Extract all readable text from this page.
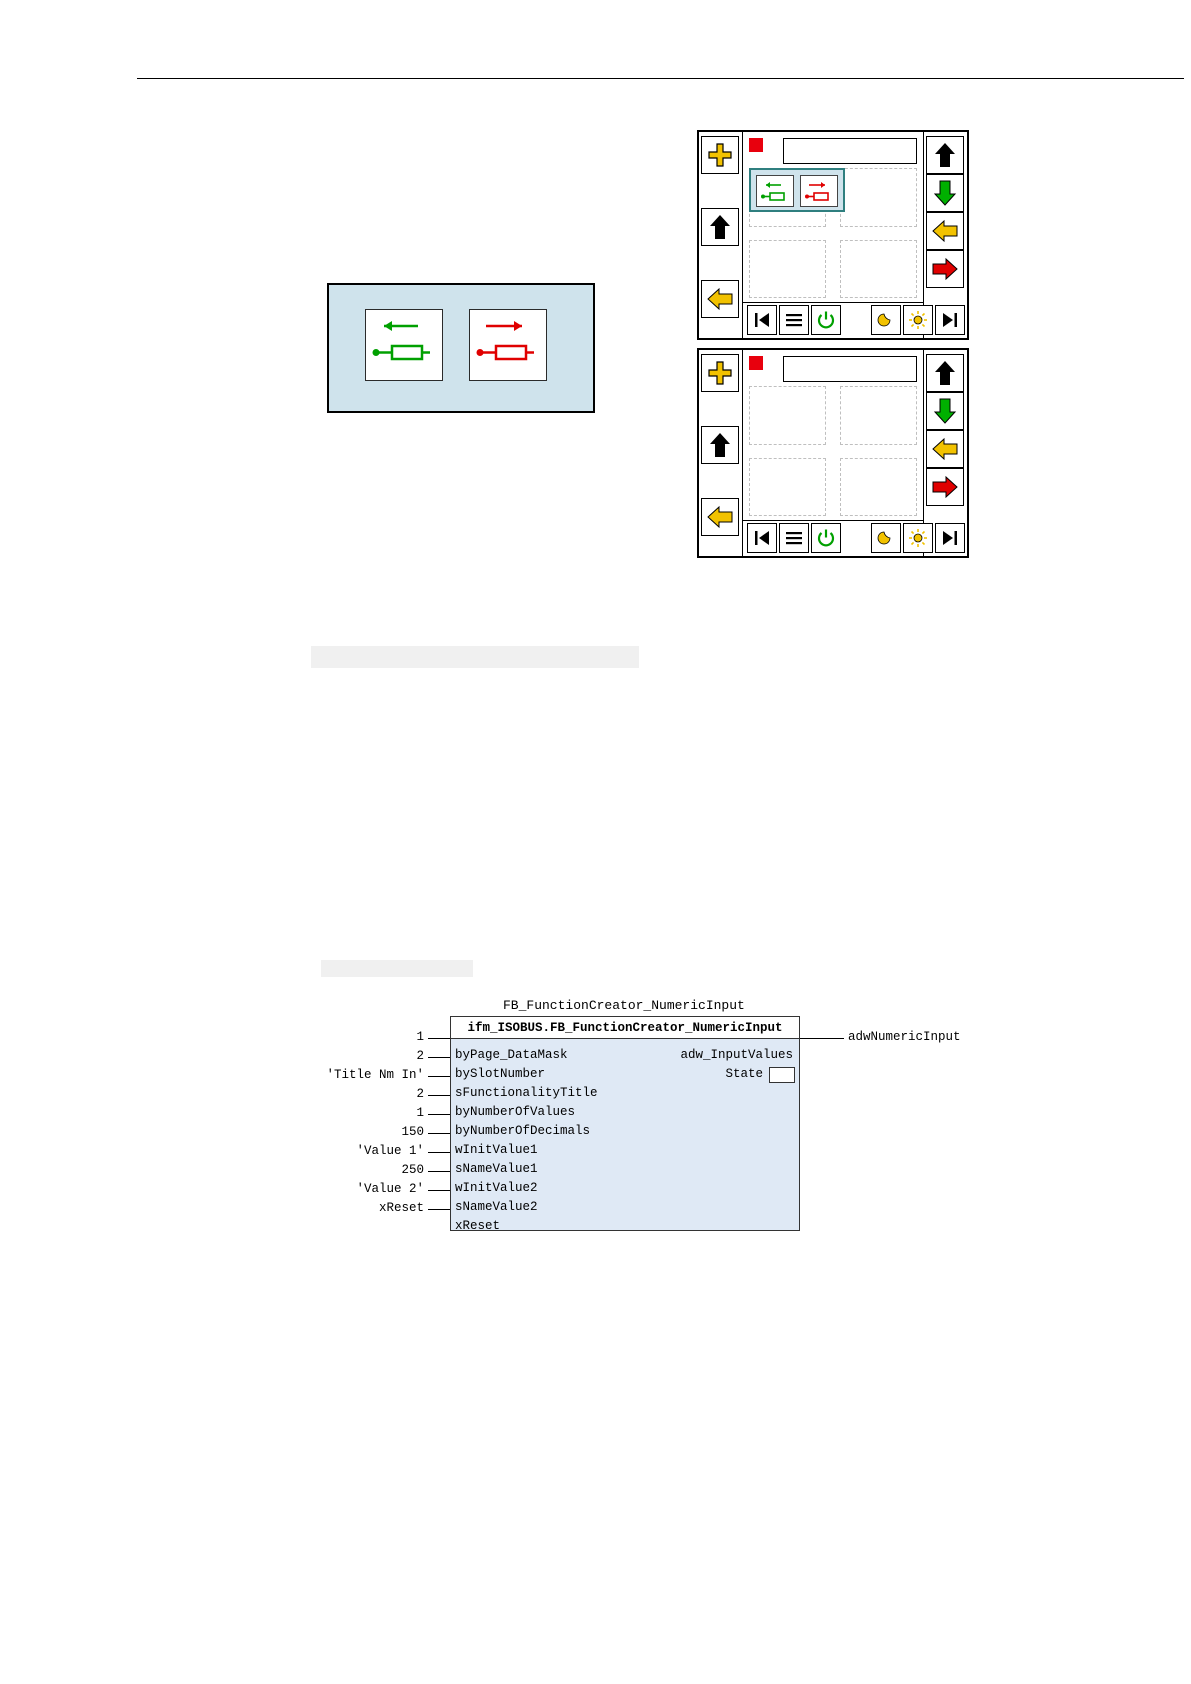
FB_FunctionCreator_NumericInput
ifm_ISOBUS.FB_FunctionCreator_NumericInput
byPage_DataMask
bySlotNumber
sFunctionalityTitle
byNumberOfValues
byNumberOfDecimals
wInitValue1
sNameValue1
wInitValue2
sNameValue2
xReset
adw_InputValues
State
1
2
'Title Nm In'
2
1
150
'Value 1'
250
'Value 2'
xReset
adwNumericInput
